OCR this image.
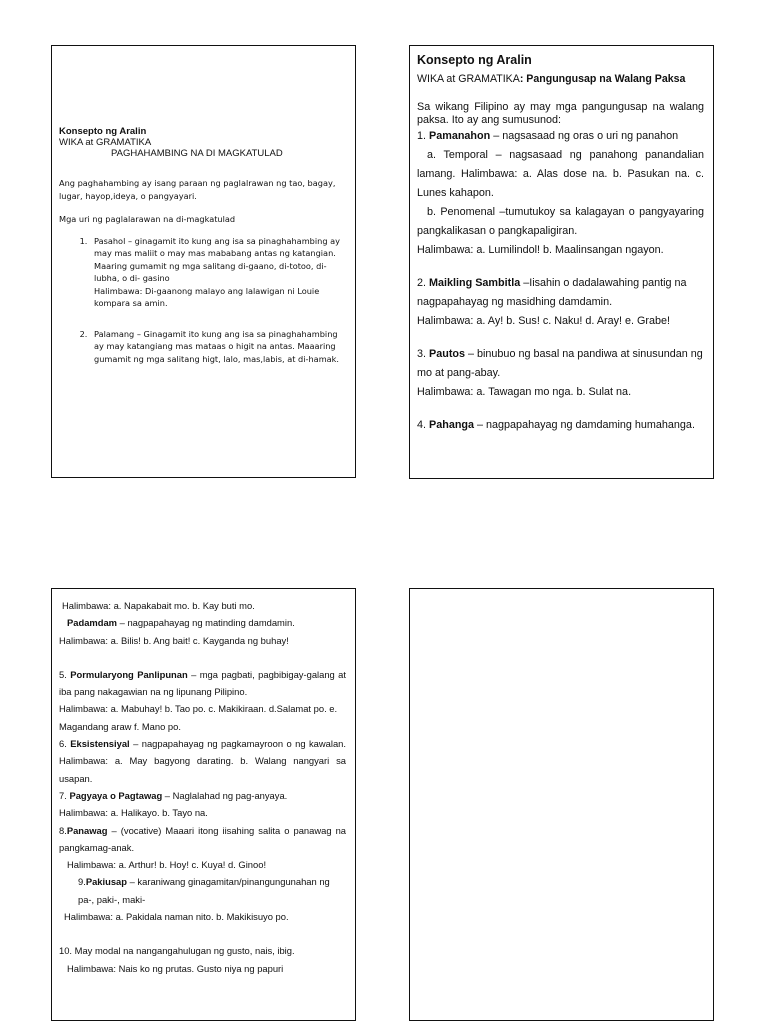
Konsepto ng Aralin

WIKA at GRAMATIKA

PAGHAHAMBING NA DI MAGKATULAD

Ang paghahambing ay isang paraan ng paglalrawan ng tao, bagay, lugar, hayop,ideya, o pangyayari.

Mga uri ng paglalarawan na di-magkatulad

1. Pasahol – ginagamit ito kung ang isa sa pinaghahambing ay may mas maliit o may mas mababang antas ng katangian. Maaring gumamit ng mga salitang di-gaano, di-totoo, di-lubha, o di- gasino
Halimbawa: Di-gaanong malayo ang lalawigan ni Louie kompara sa amin.
2. Palamang – Ginagamit ito kung ang isa sa pinaghahambing ay may katangiang mas mataas o higit na antas. Maaaring gumamit ng mga salitang higt, lalo, mas,labis, at di-hamak.

Konsepto ng Aralin

WIKA at GRAMATIKA: Pangungusap na Walang Paksa

Sa wikang Filipino ay may mga pangungusap na walang paksa. Ito ay ang sumusunod:

1. Pamanahon – nagsasaad ng oras o uri ng panahon

a. Temporal – nagsasaad ng panahong panandalian lamang. Halimbawa: a. Alas dose na. b. Pasukan na. c. Lunes kahapon.

b. Penomenal –tumutukoy sa kalagayan o pangyayaring pangkalikasan o pangkapaligiran.

Halimbawa: a. Lumilindol! b. Maalinsangan ngayon.

2. Maikling Sambitla –Iisahin o dadalawahing pantig na nagpapahayag ng masidhing damdamin.

Halimbawa: a. Ay! b. Sus! c. Naku! d. Aray! e. Grabe!

3. Pautos – binubuo ng basal na pandiwa at sinusundan ng mo at pang-abay.

Halimbawa: a. Tawagan mo nga. b. Sulat na.

4. Pahanga – nagpapahayag ng damdaming humahanga.

Halimbawa: a. Napakabait mo. b. Kay buti mo.

Padamdam – nagpapahayag ng matinding damdamin.

Halimbawa: a. Bilis! b. Ang bait! c. Kayganda ng buhay!

5. Pormularyong Panlipunan – mga pagbati, pagbibigay-galang at iba pang nakagawian na ng lipunang Pilipino.

Halimbawa: a. Mabuhay! b. Tao po. c. Makikiraan. d.Salamat po. e. Magandang araw f. Mano po.

6. Eksistensiyal – nagpapahayag ng pagkamayroon o ng kawalan. Halimbawa: a. May bagyong darating. b. Walang nangyari sa usapan.

7. Pagyaya o Pagtawag – Naglalahad ng pag-anyaya.

Halimbawa: a. Halikayo. b. Tayo na.

8.Panawag – (vocative) Maaari itong iisahing salita o panawag na pangkamag-anak.

Halimbawa: a. Arthur! b. Hoy! c. Kuya! d. Ginoo!

9.Pakiusap – karaniwang ginagamitan/pinangungunahan ng pa-, paki-, maki-

Halimbawa: a. Pakidala naman nito. b. Makikisuyo po.

10. May modal na nangangahulugan ng gusto, nais, ibig.

Halimbawa: Nais ko ng prutas. Gusto niya ng papuri
